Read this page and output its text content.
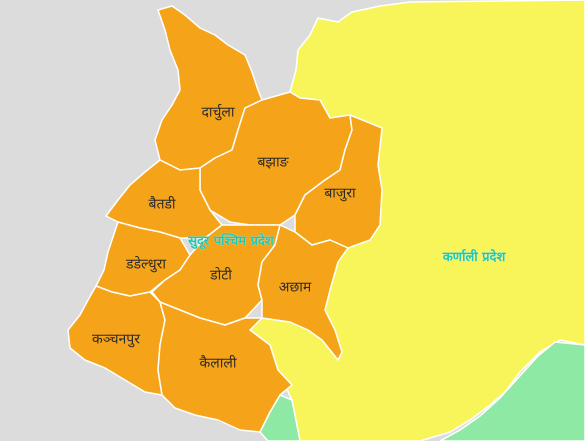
दार्चुला
बझाङ
बाजुरा
बैतडी
डडेल्धुरा
डोटी
अछाम
कञ्चनपुर
कैलाली
सुदूर पश्चिम प्रदेश
कर्णाली प्रदेश
